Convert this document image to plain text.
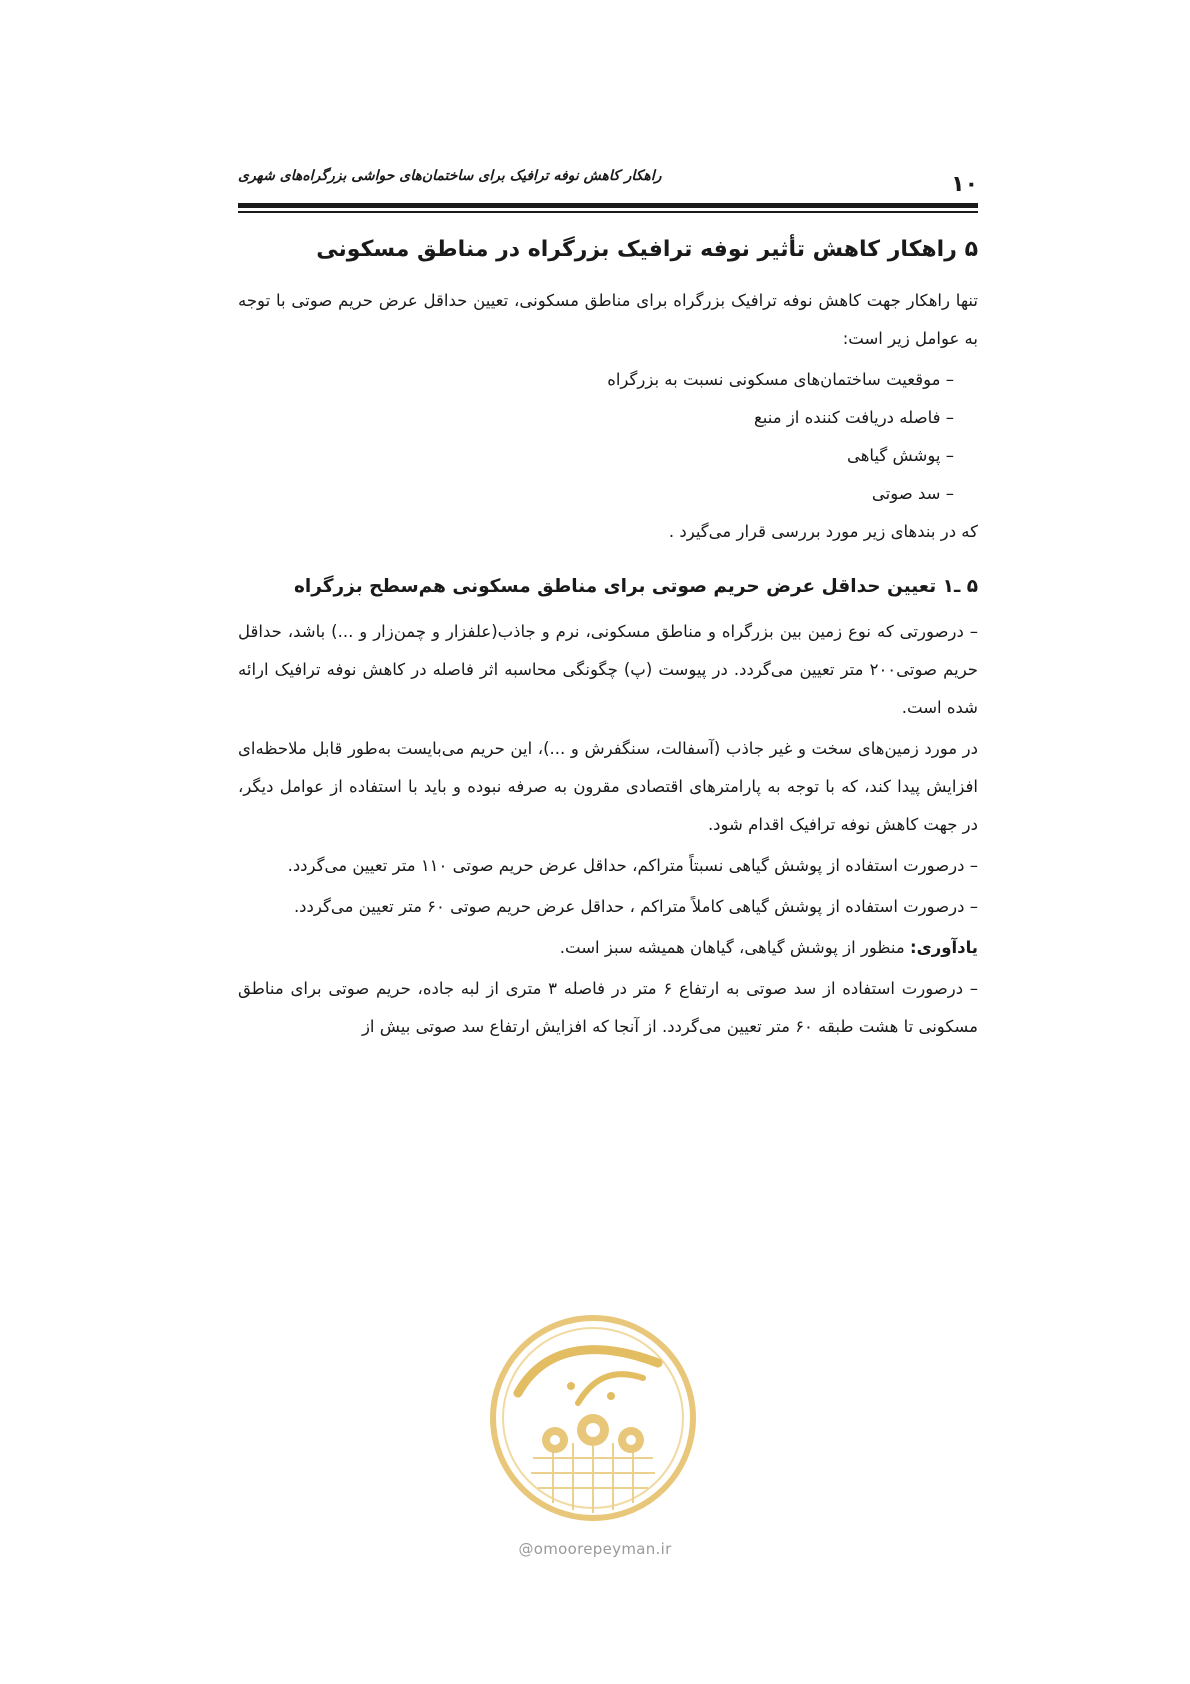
۱۰
راهکار کاهش نوفه ترافیک برای ساختمان‌های حواشی بزرگراه‌های شهری
۵ راهکار کاهش تأثیر نوفه ترافیک بزرگراه در مناطق مسکونی

تنها راهکار جهت کاهش نوفه ترافیک بزرگراه برای مناطق مسکونی، تعیین حداقل عرض حریم صوتی با توجه به عوامل زیر است:

– موقعیت ساختمان‌های مسکونی نسبت به بزرگراه
– فاصله دریافت کننده از منبع
– پوشش گیاهی
– سد صوتی

که در بندهای زیر مورد بررسی قرار می‌گیرد .

۵ ـ۱ تعیین حداقل عرض حریم صوتی برای مناطق مسکونی هم‌سطح بزرگراه

– درصورتی که نوع زمین بین بزرگراه و مناطق مسکونی، نرم و جاذب(علفزار و چمن‌زار و ...) باشد، حداقل حریم صوتی۲۰۰ متر تعیین می‌گردد. در پیوست (پ) چگونگی محاسبه اثر فاصله در کاهش نوفه ترافیک ارائه شده است.

در مورد زمین‌های سخت و غیر جاذب (آسفالت، سنگفرش و ...)، این حریم می‌بایست به‌طور قابل ملاحظه‌ای افزایش پیدا کند، که با توجه به پارامترهای اقتصادی مقرون به صرفه نبوده و باید با استفاده از عوامل دیگر، در جهت کاهش نوفه ترافیک اقدام شود.

– درصورت استفاده از پوشش گیاهی نسبتاً متراکم، حداقل عرض حریم صوتی ۱۱۰ متر تعیین می‌گردد.

– درصورت استفاده از پوشش گیاهی کاملاً متراکم ، حداقل عرض حریم صوتی ۶۰ متر تعیین می‌گردد.

یادآوری: منظور از پوشش گیاهی، گیاهان همیشه سبز است.

– درصورت استفاده از سد صوتی به ارتفاع ۶ متر در فاصله ۳ متری از لبه جاده، حریم صوتی برای مناطق مسکونی تا هشت طبقه ۶۰ متر تعیین می‌گردد. از آنجا که افزایش ارتفاع سد صوتی بیش از

@omoorepeyman.ir
